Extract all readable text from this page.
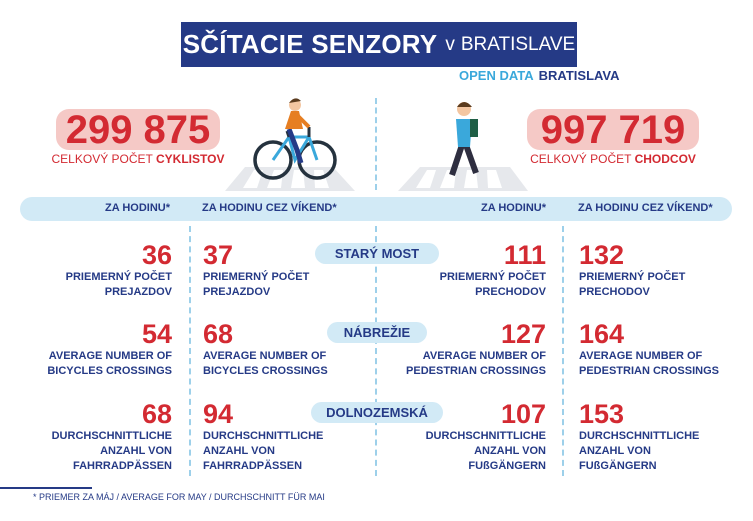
SČÍTACIE SENZORY v BRATISLAVE
OPEN DATA BRATISLAVA
299 875
CELKOVÝ POČET CYKLISTOV
997 719
CELKOVÝ POČET CHODCOV
ZA HODINU*	ZA HODINU CEZ VÍKEND*	ZA HODINU*	ZA HODINU CEZ VÍKEND*
STARÝ MOST
36
PRIEMERNÝ POČET
PREJAZDOV
37
PRIEMERNÝ POČET
PREJAZDOV
111
PRIEMERNÝ POČET
PRECHODOV
132
PRIEMERNÝ POČET
PRECHODOV
NÁBREŽIE
54
AVERAGE NUMBER OF
BICYCLES CROSSINGS
68
AVERAGE NUMBER OF
BICYCLES CROSSINGS
127
AVERAGE NUMBER OF
PEDESTRIAN CROSSINGS
164
AVERAGE NUMBER OF
PEDESTRIAN CROSSINGS
DOLNOZEMSKÁ
68
DURCHSCHNITTLICHE
ANZAHL VON
FAHRRADPÄSSEN
94
DURCHSCHNITTLICHE
ANZAHL VON
FAHRRADPÄSSEN
107
DURCHSCHNITTLICHE
ANZAHL VON
FUßGÄNGERN
153
DURCHSCHNITTLICHE
ANZAHL VON
FUßGÄNGERN
* PRIEMER ZA MÁJ / AVERAGE FOR MAY / DURCHSCHNITT FÜR MAI
